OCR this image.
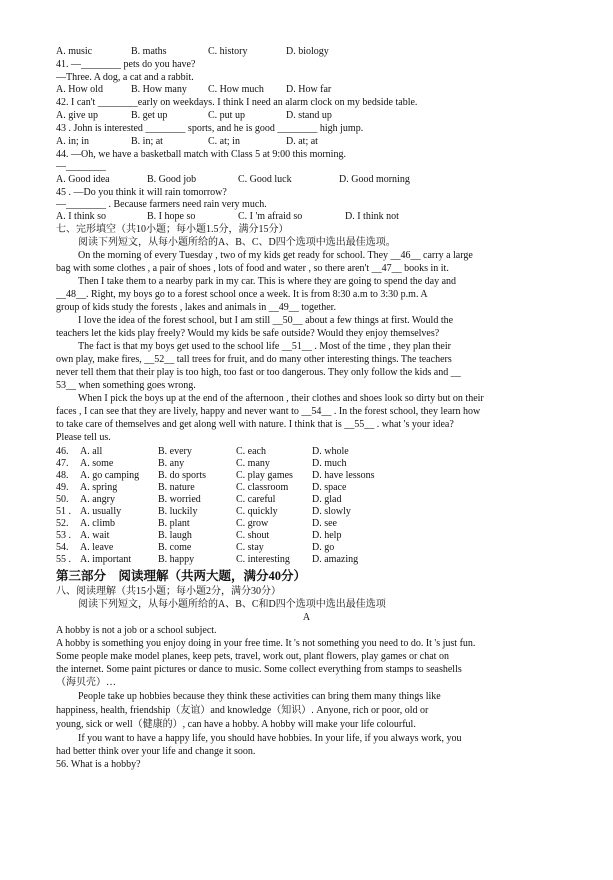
A. music	B. maths	C. history	D. biology
41. —________ pets do you have?
—Three. A dog, a cat and a rabbit.
A. How old	B. How many C. How much D. How far
42. I can't ________early on weekdays. I think I need an alarm clock on my bedside table.
A. give up	B. get up	C. put up	D. stand up
43 . John is interested ________ sports, and he is good ________ high jump.
A. in; in	B. in; at	C. at; in	D. at; at
44. —Oh, we have a basketball match with Class 5 at 9:00 this morning.
—________
A. Good idea	B. Good job	C. Good luck	D. Good morning
45 . —Do you think it will rain tomorrow?
—________ . Because farmers need rain very much.
A. I think so	B. I hope so	C. I 'm afraid so	D. I think not
七、完形填空（共10小题；每小题1.5分，满分15分）
阅读下列短文，从每小题所给的A、B、C、D四个选项中选出最佳选项。
On the morning of every Tuesday , two of my kids get ready for school. They __46__ carry a large
bag with some clothes , a pair of shoes , lots of food and water , so there aren't __47__ books in it.
Then I take them to a nearby park in my car. This is where they are going to spend the day and
__48__. Right, my boys go to a forest school once a week. It is from 8:30 a.m to 3:30 p.m. A
group of kids study the forests , lakes and animals in __49__ together.
I love the idea of the forest school, but I am still __50__ about a few things at first. Would the
teachers let the kids play freely? Would my kids be safe outside? Would they enjoy themselves?
The fact is that my boys get used to the school life __51__ . Most of the time , they plan their
own play, make fires, __52__ tall trees for fruit, and do many other interesting things. The teachers
never tell them that their play is too high, too fast or too dangerous. They only follow the kids and __
53__ when something goes wrong.
When I pick the boys up at the end of the afternoon , their clothes and shoes look so dirty but on their
faces , I can see that they are lively, happy and never want to __54__ . In the forest school, they learn how
to take care of themselves and get along well with nature. I think that is __55__ . what 's your idea?
Please tell us.
46. A. all	B. every	C. each	D. whole
47. A. some	B. any	C. many	D. much
48. A. go camping B. do sports	C. play games D. have lessons
49. A. spring	B. nature	C. classroom D. space
50. A. angry	B. worried	C. careful	D. glad
51 . A. usually	B. luckily	C. quickly	D. slowly
52. A. climb	B. plant	C. grow	D. see
53 . A. wait	B. laugh	C. shout	D. help
54. A. leave	B. come	C. stay	D. go
55 . A. important	B. happy	C. interesting D. amazing
第三部分　阅读理解（共两大题，满分40分）
八、阅读理解（共15小题；每小题2分，满分30分）
阅读下列短文，从每小题所给的A、B、C和D四个选项中选出最佳选项
A
A hobby is not a job or a school subject.
A hobby is something you enjoy doing in your free time. It 's not something you need to do. It 's just fun.
Some people make model planes, keep pets, travel, work out, plant flowers, play games or chat on
the internet. Some paint pictures or dance to music. Some collect everything from stamps to seashells
（海贝壳）…
People take up hobbies because they think these activities can bring them many things like
happiness, health, friendship（友谊）and knowledge（知识）. Anyone, rich or poor, old or
young, sick or well（健康的）, can have a hobby. A hobby will make your life colourful.
If you want to have a happy life, you should have hobbies. In your life, if you always work, you
had better think over your life and change it soon.
56. What is a hobby?
